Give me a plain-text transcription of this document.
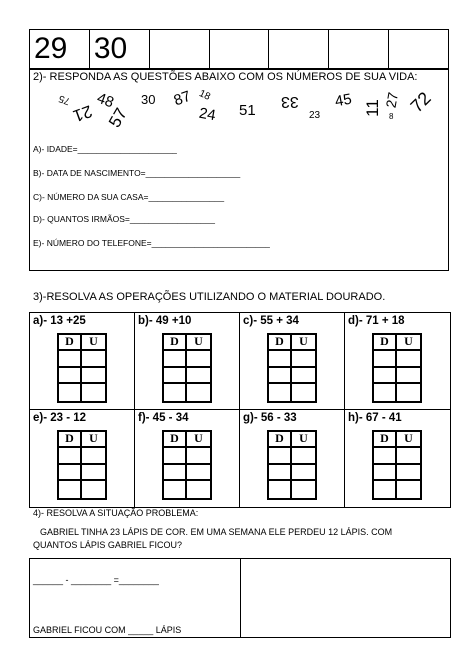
29 30
2)- RESPONDA AS QUESTÕES ABAIXO COM OS NÚMEROS DE SUA VIDA:
75
21
48
57
30 87 18
24 51
33
23
45 11 27 72
8
A)- IDADE=_____________________
B)- DATA DE NASCIMENTO=____________________
C)- NÚMERO DA SUA CASA=________________
D)- QUANTOS IRMÃOS=__________________
E)- NÚMERO DO TELEFONE=_________________________
3)-RESOLVA AS OPERAÇÕES UTILIZANDO O MATERIAL DOURADO.
a)- 13 +25
D	U
b)- 49 +10
D	U
c)- 55 + 34
D	U
d)- 71 + 18
D	U
e)- 23 - 12
D	U
f)- 45 - 34
D	U
g)- 56 - 33
D	U
h)- 67 - 41
D	U
4)- RESOLVA A SITUAÇÃO PROBLEMA:
GABRIEL TINHA 23 LÁPIS DE COR. EM UMA SEMANA ELE PERDEU 12 LÁPIS. COM
QUANTOS LÁPIS GABRIEL FICOU?
______ - ________ =________
GABRIEL FICOU COM _____ LÁPIS
